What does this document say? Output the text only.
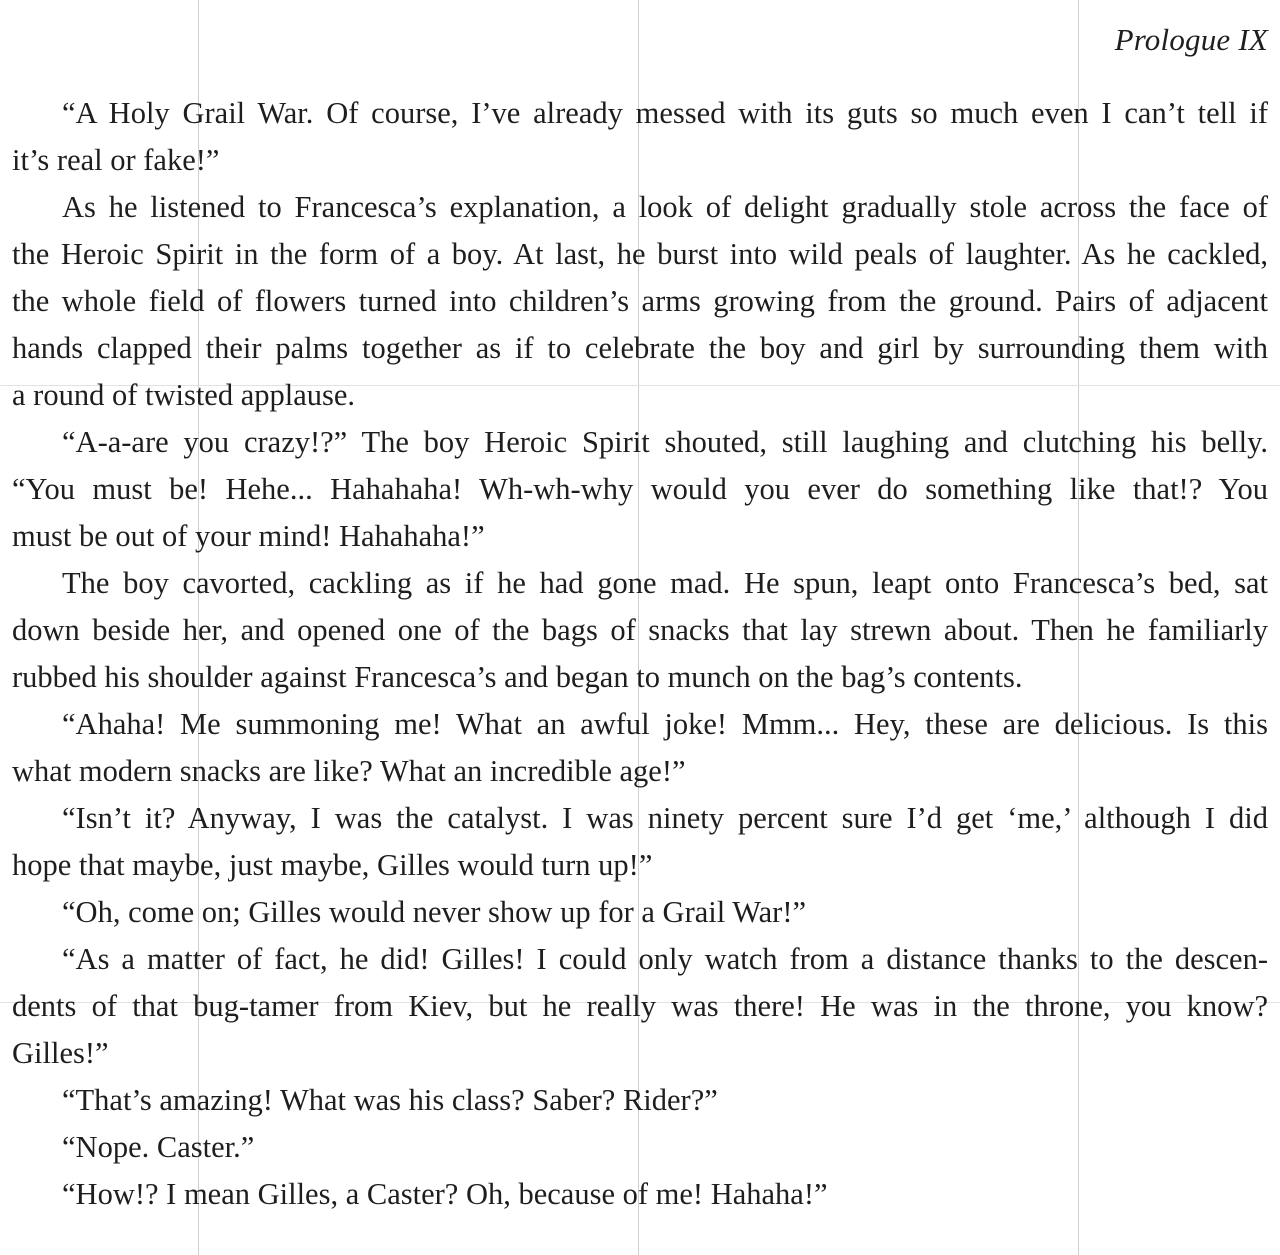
Prologue IX
“A Holy Grail War. Of course, I’ve already messed with its guts so much even I can’t tell if
it’s real or fake!”
As he listened to Francesca’s explanation, a look of delight gradually stole across the face of
the Heroic Spirit in the form of a boy. At last, he burst into wild peals of laughter. As he cackled,
the whole field of flowers turned into children’s arms growing from the ground. Pairs of adjacent
hands clapped their palms together as if to celebrate the boy and girl by surrounding them with
a round of twisted applause.
“A-a-are you crazy!?” The boy Heroic Spirit shouted, still laughing and clutching his belly.
“You must be! Hehe... Hahahaha! Wh-wh-why would you ever do something like that!? You
must be out of your mind! Hahahaha!”
The boy cavorted, cackling as if he had gone mad. He spun, leapt onto Francesca’s bed, sat
down beside her, and opened one of the bags of snacks that lay strewn about. Then he familiarly
rubbed his shoulder against Francesca’s and began to munch on the bag’s contents.
“Ahaha! Me summoning me! What an awful joke! Mmm... Hey, these are delicious. Is this
what modern snacks are like? What an incredible age!”
“Isn’t it? Anyway, I was the catalyst. I was ninety percent sure I’d get ‘me,’ although I did
hope that maybe, just maybe, Gilles would turn up!”
“Oh, come on; Gilles would never show up for a Grail War!”
“As a matter of fact, he did! Gilles! I could only watch from a distance thanks to the descen-
dents of that bug-tamer from Kiev, but he really was there! He was in the throne, you know?
Gilles!”
“That’s amazing! What was his class? Saber? Rider?”
“Nope. Caster.”
“How!? I mean Gilles, a Caster? Oh, because of me! Hahaha!”
